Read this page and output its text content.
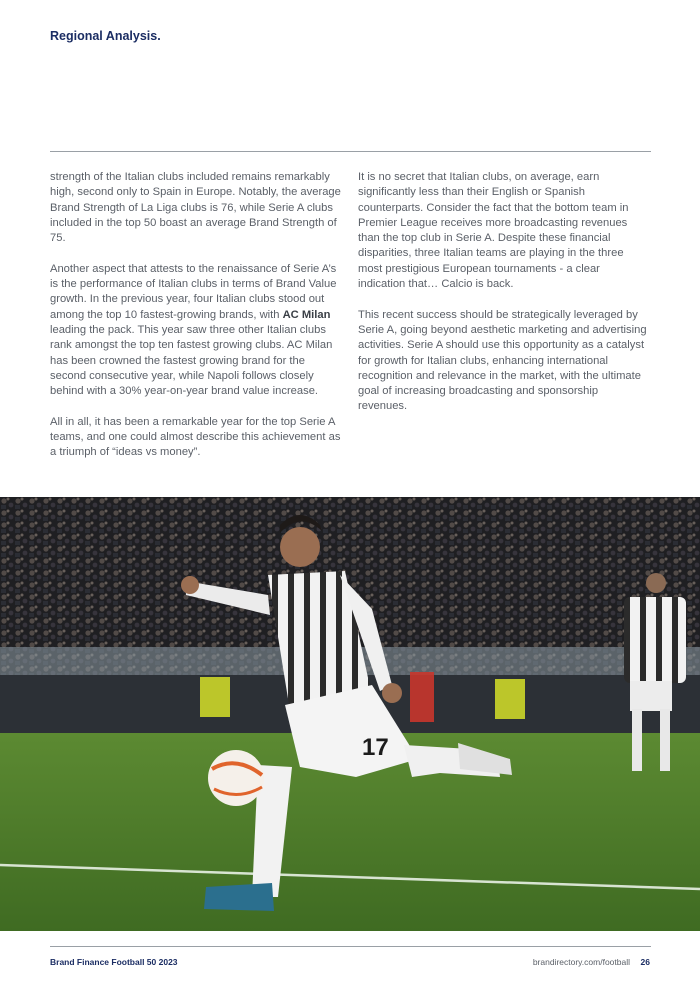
Regional Analysis.

strength of the Italian clubs included remains remarkably high, second only to Spain in Europe. Notably, the average Brand Strength of La Liga clubs is 76, while Serie A clubs included in the top 50 boast an average Brand Strength of 75.

Another aspect that attests to the renaissance of Serie A’s is the performance of Italian clubs in terms of Brand Value growth. In the previous year, four Italian clubs stood out among the top 10 fastest-growing brands, with AC Milan leading the pack. This year saw three other Italian clubs rank amongst the top ten fastest growing clubs. AC Milan has been crowned the fastest growing brand for the second consecutive year, while Napoli follows closely behind with a 30% year-on-year brand value increase.

All in all, it has been a remarkable year for the top Serie A teams, and one could almost describe this achievement as a triumph of “ideas vs money”.

It is no secret that Italian clubs, on average, earn significantly less than their English or Spanish counterparts. Consider the fact that the bottom team in Premier League receives more broadcasting revenues than the top club in Serie A. Despite these financial disparities, three Italian teams are playing in the three most prestigious European tournaments - a clear indication that… Calcio is back.

This recent success should be strategically leveraged by Serie A, going beyond aesthetic marketing and advertising activities. Serie A should use this opportunity as a catalyst for growth for Italian clubs, enhancing international recognition and relevance in the market, with the ultimate goal of increasing broadcasting and sponsorship revenues.

17
Brand Finance Football 50 2023	brandirectory.com/football 26
